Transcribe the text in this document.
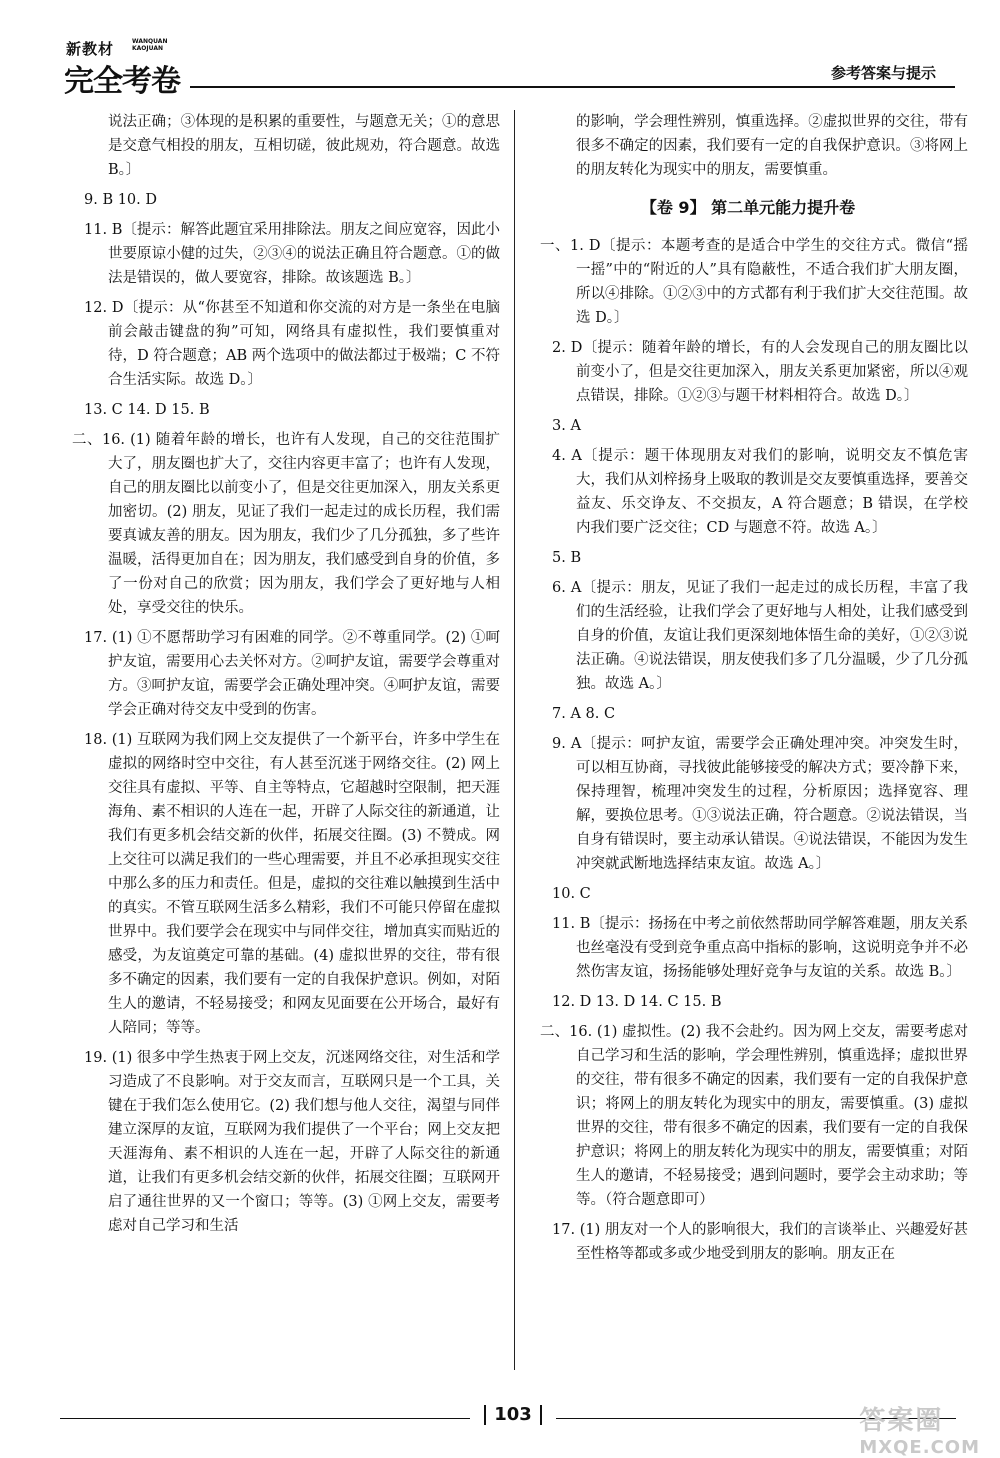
新教材	WANQUAN KAOJUAN
完全考卷	参考答案与提示
说法正确；③体现的是积累的重要性，与题意无关；①的意思是交意气相投的朋友，互相切磋，彼此规劝，符合题意。故选 B。〕
9. B 10. D
11. B〔提示：解答此题宜采用排除法。朋友之间应宽容，因此小世要原谅小健的过失，②③④的说法正确且符合题意。①的做法是错误的，做人要宽容，排除。故该题选 B。〕
12. D〔提示：从“你甚至不知道和你交流的对方是一条坐在电脑前会敲击键盘的狗”可知，网络具有虚拟性，我们要慎重对待，D 符合题意；AB 两个选项中的做法都过于极端；C 不符合生活实际。故选 D。〕
13. C 14. D 15. B
二、16. (1) 随着年龄的增长，也许有人发现，自己的交往范围扩大了，朋友圈也扩大了，交往内容更丰富了；也许有人发现，自己的朋友圈比以前变小了，但是交往更加深入，朋友关系更加密切。(2) 朋友，见证了我们一起走过的成长历程，我们需要真诚友善的朋友。因为朋友，我们少了几分孤独，多了些许温暖，活得更加自在；因为朋友，我们感受到自身的价值，多了一份对自己的欣赏；因为朋友，我们学会了更好地与人相处，享受交往的快乐。
17. (1) ①不愿帮助学习有困难的同学。②不尊重同学。(2) ①呵护友谊，需要用心去关怀对方。②呵护友谊，需要学会尊重对方。③呵护友谊，需要学会正确处理冲突。④呵护友谊，需要学会正确对待交友中受到的伤害。
18. (1) 互联网为我们网上交友提供了一个新平台，许多中学生在虚拟的网络时空中交往，有人甚至沉迷于网络交往。(2) 网上交往具有虚拟、平等、自主等特点，它超越时空限制，把天涯海角、素不相识的人连在一起，开辟了人际交往的新通道，让我们有更多机会结交新的伙伴，拓展交往圈。(3) 不赞成。网上交往可以满足我们的一些心理需要，并且不必承担现实交往中那么多的压力和责任。但是，虚拟的交往难以触摸到生活中的真实。不管互联网生活多么精彩，我们不可能只停留在虚拟世界中。我们要学会在现实中与同伴交往，增加真实而贴近的感受，为友谊奠定可靠的基础。(4) 虚拟世界的交往，带有很多不确定的因素，我们要有一定的自我保护意识。例如，对陌生人的邀请，不轻易接受；和网友见面要在公开场合，最好有人陪同；等等。
19. (1) 很多中学生热衷于网上交友，沉迷网络交往，对生活和学习造成了不良影响。对于交友而言，互联网只是一个工具，关键在于我们怎么使用它。(2) 我们想与他人交往，渴望与同伴建立深厚的友谊，互联网为我们提供了一个平台；网上交友把天涯海角、素不相识的人连在一起，开辟了人际交往的新通道，让我们有更多机会结交新的伙伴，拓展交往圈；互联网开启了通往世界的又一个窗口；等等。(3) ①网上交友，需要考虑对自己学习和生活
的影响，学会理性辨别，慎重选择。②虚拟世界的交往，带有很多不确定的因素，我们要有一定的自我保护意识。③将网上的朋友转化为现实中的朋友，需要慎重。
【卷 9】 第二单元能力提升卷
一、1. D〔提示：本题考查的是适合中学生的交往方式。微信“摇一摇”中的“附近的人”具有隐蔽性，不适合我们扩大朋友圈，所以④排除。①②③中的方式都有利于我们扩大交往范围。故选 D。〕
2. D〔提示：随着年龄的增长，有的人会发现自己的朋友圈比以前变小了，但是交往更加深入，朋友关系更加紧密，所以④观点错误，排除。①②③与题干材料相符合。故选 D。〕
3. A
4. A〔提示：题干体现朋友对我们的影响，说明交友不慎危害大，我们从刘梓扬身上吸取的教训是交友要慎重选择，要善交益友、乐交诤友、不交损友，A 符合题意；B 错误，在学校内我们要广泛交往；CD 与题意不符。故选 A。〕
5. B
6. A〔提示：朋友，见证了我们一起走过的成长历程，丰富了我们的生活经验，让我们学会了更好地与人相处，让我们感受到自身的价值，友谊让我们更深刻地体悟生命的美好，①②③说法正确。④说法错误，朋友使我们多了几分温暖，少了几分孤独。故选 A。〕
7. A 8. C
9. A〔提示：呵护友谊，需要学会正确处理冲突。冲突发生时，可以相互协商，寻找彼此能够接受的解决方式；要冷静下来，保持理智，梳理冲突发生的过程，分析原因；选择宽容、理解，要换位思考。①③说法正确，符合题意。②说法错误，当自身有错误时，要主动承认错误。④说法错误，不能因为发生冲突就武断地选择结束友谊。故选 A。〕
10. C
11. B〔提示：扬扬在中考之前依然帮助同学解答难题，朋友关系也丝毫没有受到竞争重点高中指标的影响，这说明竞争并不必然伤害友谊，扬扬能够处理好竞争与友谊的关系。故选 B。〕
12. D 13. D 14. C 15. B
二、16. (1) 虚拟性。(2) 我不会赴约。因为网上交友，需要考虑对自己学习和生活的影响，学会理性辨别，慎重选择；虚拟世界的交往，带有很多不确定的因素，我们要有一定的自我保护意识；将网上的朋友转化为现实中的朋友，需要慎重。(3) 虚拟世界的交往，带有很多不确定的因素，我们要有一定的自我保护意识；将网上的朋友转化为现实中的朋友，需要慎重；对陌生人的邀请，不轻易接受；遇到问题时，要学会主动求助；等等。（符合题意即可）
17. (1) 朋友对一个人的影响很大，我们的言谈举止、兴趣爱好甚至性格等都或多或少地受到朋友的影响。朋友正在
103	答案圈
MXQE.COM
